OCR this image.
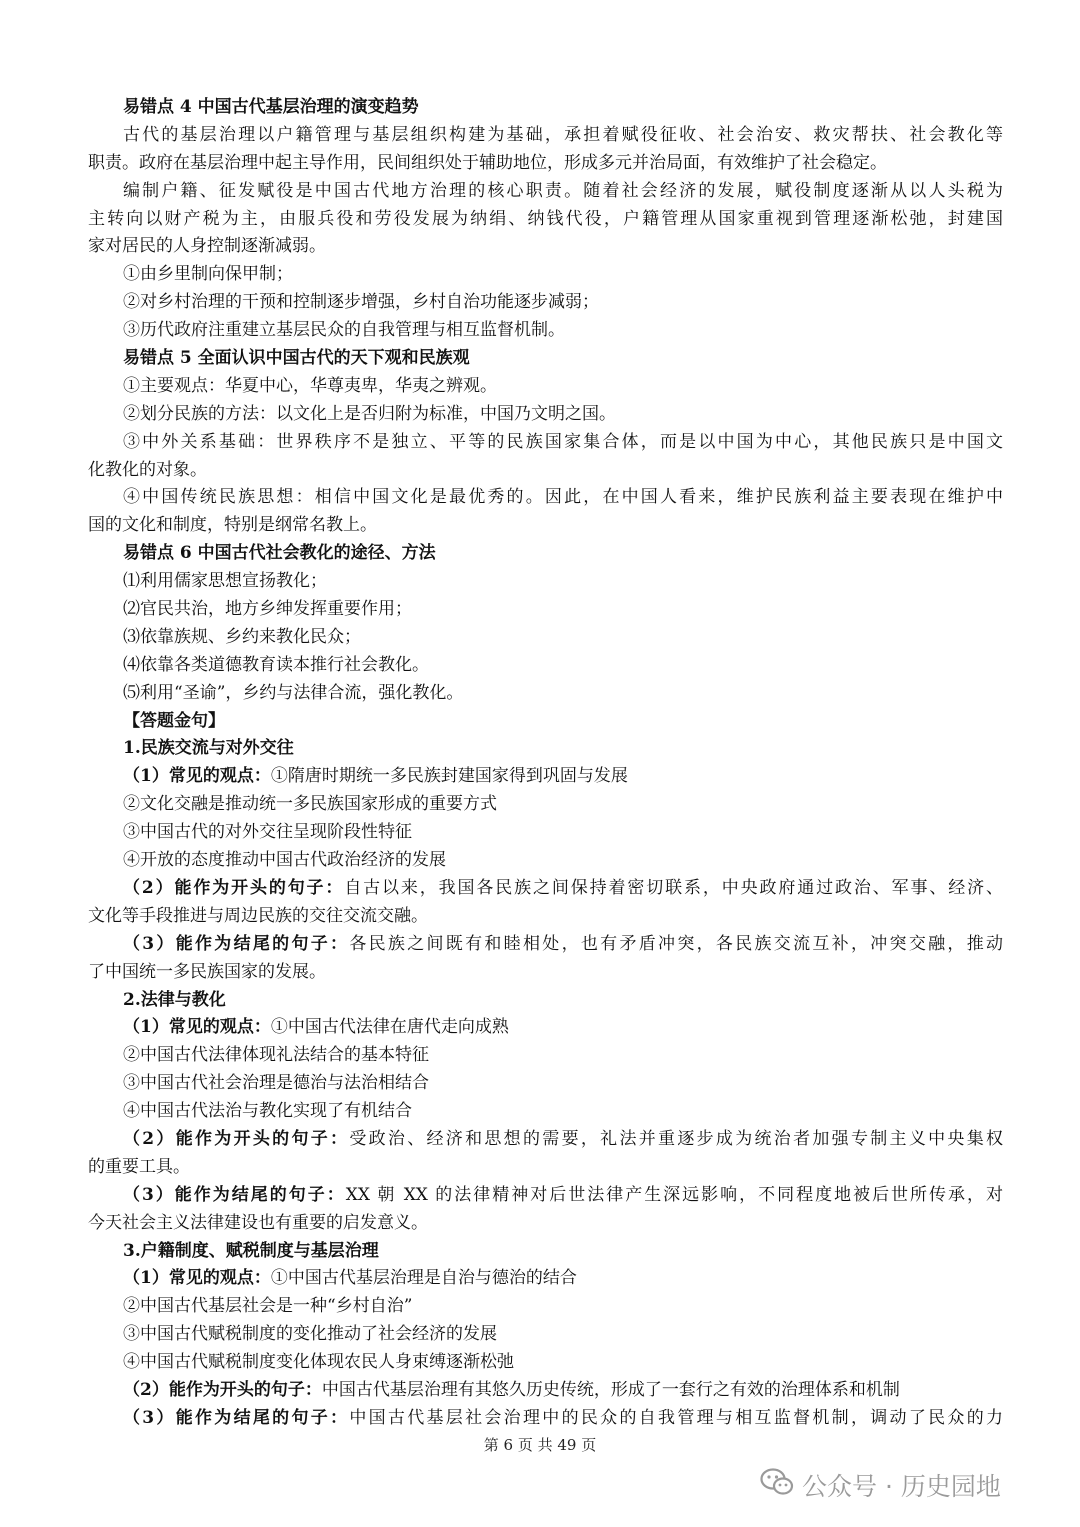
易错点 4 中国古代基层治理的演变趋势
古代的基层治理以户籍管理与基层组织构建为基础，承担着赋役征收、社会治安、救灾帮扶、社会教化等
职责。政府在基层治理中起主导作用，民间组织处于辅助地位，形成多元并治局面，有效维护了社会稳定。
编制户籍、征发赋役是中国古代地方治理的核心职责。随着社会经济的发展，赋役制度逐渐从以人头税为
主转向以财产税为主，由服兵役和劳役发展为纳绢、纳钱代役，户籍管理从国家重视到管理逐渐松弛，封建国
家对居民的人身控制逐渐减弱。
①由乡里制向保甲制；
②对乡村治理的干预和控制逐步增强，乡村自治功能逐步减弱；
③历代政府注重建立基层民众的自我管理与相互监督机制。
易错点 5 全面认识中国古代的天下观和民族观
①主要观点：华夏中心，华尊夷卑，华夷之辨观。
②划分民族的方法：以文化上是否归附为标准，中国乃文明之国。
③中外关系基础：世界秩序不是独立、平等的民族国家集合体，而是以中国为中心，其他民族只是中国文
化教化的对象。
④中国传统民族思想：相信中国文化是最优秀的。因此，在中国人看来，维护民族利益主要表现在维护中
国的文化和制度，特别是纲常名教上。
易错点 6 中国古代社会教化的途径、方法
⑴利用儒家思想宣扬教化；
⑵官民共治，地方乡绅发挥重要作用；
⑶依靠族规、乡约来教化民众；
⑷依靠各类道德教育读本推行社会教化。
⑸利用“圣谕”，乡约与法律合流，强化教化。
【答题金句】
1.民族交流与对外交往
（1）常见的观点：①隋唐时期统一多民族封建国家得到巩固与发展
②文化交融是推动统一多民族国家形成的重要方式
③中国古代的对外交往呈现阶段性特征
④开放的态度推动中国古代政治经济的发展
（2）能作为开头的句子：自古以来，我国各民族之间保持着密切联系，中央政府通过政治、军事、经济、
文化等手段推进与周边民族的交往交流交融。
（3）能作为结尾的句子：各民族之间既有和睦相处，也有矛盾冲突，各民族交流互补，冲突交融，推动
了中国统一多民族国家的发展。
2.法律与教化
（1）常见的观点：①中国古代法律在唐代走向成熟
②中国古代法律体现礼法结合的基本特征
③中国古代社会治理是德治与法治相结合
④中国古代法治与教化实现了有机结合
（2）能作为开头的句子：受政治、经济和思想的需要，礼法并重逐步成为统治者加强专制主义中央集权
的重要工具。
（3）能作为结尾的句子：XX 朝 XX 的法律精神对后世法律产生深远影响，不同程度地被后世所传承，对
今天社会主义法律建设也有重要的启发意义。
3.户籍制度、赋税制度与基层治理
（1）常见的观点：①中国古代基层治理是自治与德治的结合
②中国古代基层社会是一种“乡村自治”
③中国古代赋税制度的变化推动了社会经济的发展
④中国古代赋税制度变化体现农民人身束缚逐渐松弛
（2）能作为开头的句子：中国古代基层治理有其悠久历史传统，形成了一套行之有效的治理体系和机制
（3）能作为结尾的句子：中国古代基层社会治理中的民众的自我管理与相互监督机制，调动了民众的力
第 6 页 共 49 页
公众号 · 历史园地
